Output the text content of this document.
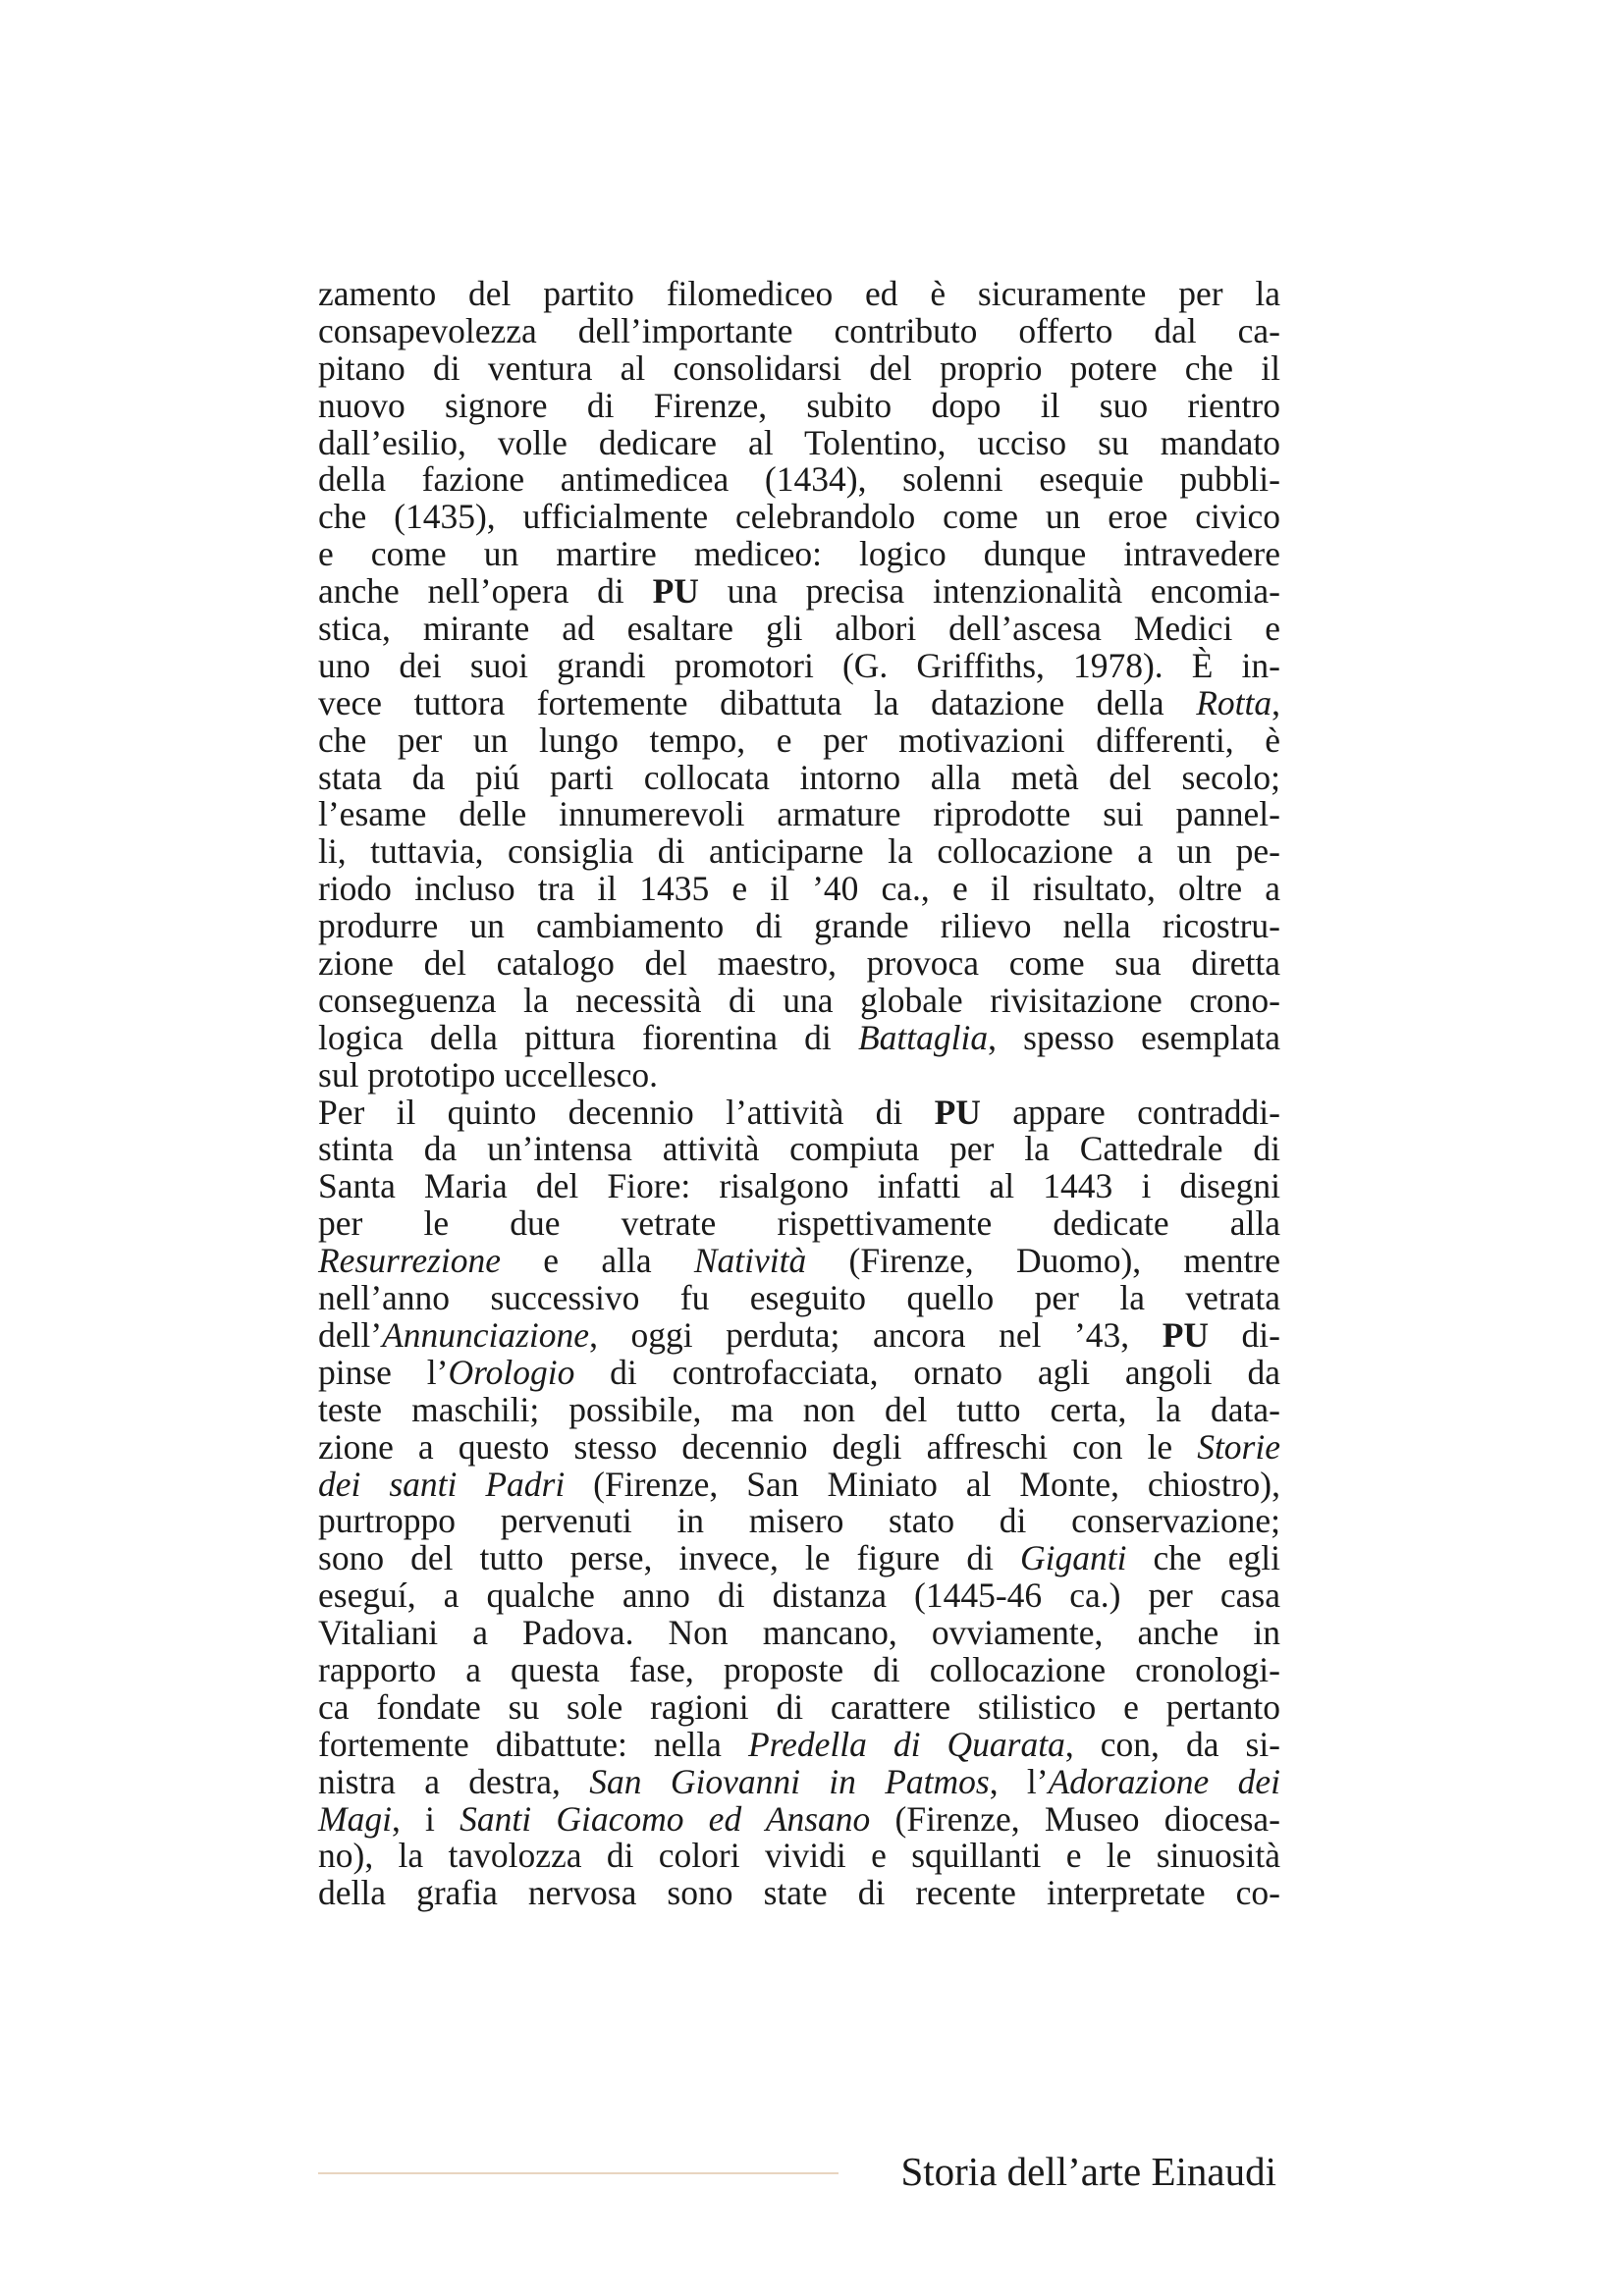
zamento del partito filomediceo ed è sicuramente per la
consapevolezza dell’importante contributo offerto dal ca-
pitano di ventura al consolidarsi del proprio potere che il
nuovo signore di Firenze, subito dopo il suo rientro
dall’esilio, volle dedicare al Tolentino, ucciso su mandato
della fazione antimedicea (1434), solenni esequie pubbli-
che (1435), ufficialmente celebrandolo come un eroe civico
e come un martire mediceo: logico dunque intravedere
anche nell’opera di PU una precisa intenzionalità encomia-
stica, mirante ad esaltare gli albori dell’ascesa Medici e
uno dei suoi grandi promotori (G. Griffiths, 1978). È in-
vece tuttora fortemente dibattuta la datazione della Rotta,
che per un lungo tempo, e per motivazioni differenti, è
stata da piú parti collocata intorno alla metà del secolo;
l’esame delle innumerevoli armature riprodotte sui pannel-
li, tuttavia, consiglia di anticiparne la collocazione a un pe-
riodo incluso tra il 1435 e il ’40 ca., e il risultato, oltre a
produrre un cambiamento di grande rilievo nella ricostru-
zione del catalogo del maestro, provoca come sua diretta
conseguenza la necessità di una globale rivisitazione crono-
logica della pittura fiorentina di Battaglia, spesso esemplata
sul prototipo uccellesco.
Per il quinto decennio l’attività di PU appare contraddi-
stinta da un’intensa attività compiuta per la Cattedrale di
Santa Maria del Fiore: risalgono infatti al 1443 i disegni
per le due vetrate rispettivamente dedicate alla
Resurrezione e alla Natività (Firenze, Duomo), mentre
nell’anno successivo fu eseguito quello per la vetrata
dell’Annunciazione, oggi perduta; ancora nel ’43, PU di-
pinse l’Orologio di controfacciata, ornato agli angoli da
teste maschili; possibile, ma non del tutto certa, la data-
zione a questo stesso decennio degli affreschi con le Storie
dei santi Padri (Firenze, San Miniato al Monte, chiostro),
purtroppo pervenuti in misero stato di conservazione;
sono del tutto perse, invece, le figure di Giganti che egli
eseguí, a qualche anno di distanza (1445-46 ca.) per casa
Vitaliani a Padova. Non mancano, ovviamente, anche in
rapporto a questa fase, proposte di collocazione cronologi-
ca fondate su sole ragioni di carattere stilistico e pertanto
fortemente dibattute: nella Predella di Quarata, con, da si-
nistra a destra, San Giovanni in Patmos, l’Adorazione dei
Magi, i Santi Giacomo ed Ansano (Firenze, Museo diocesa-
no), la tavolozza di colori vividi e squillanti e le sinuosità
della grafia nervosa sono state di recente interpretate co-
Storia dell’arte Einaudi
